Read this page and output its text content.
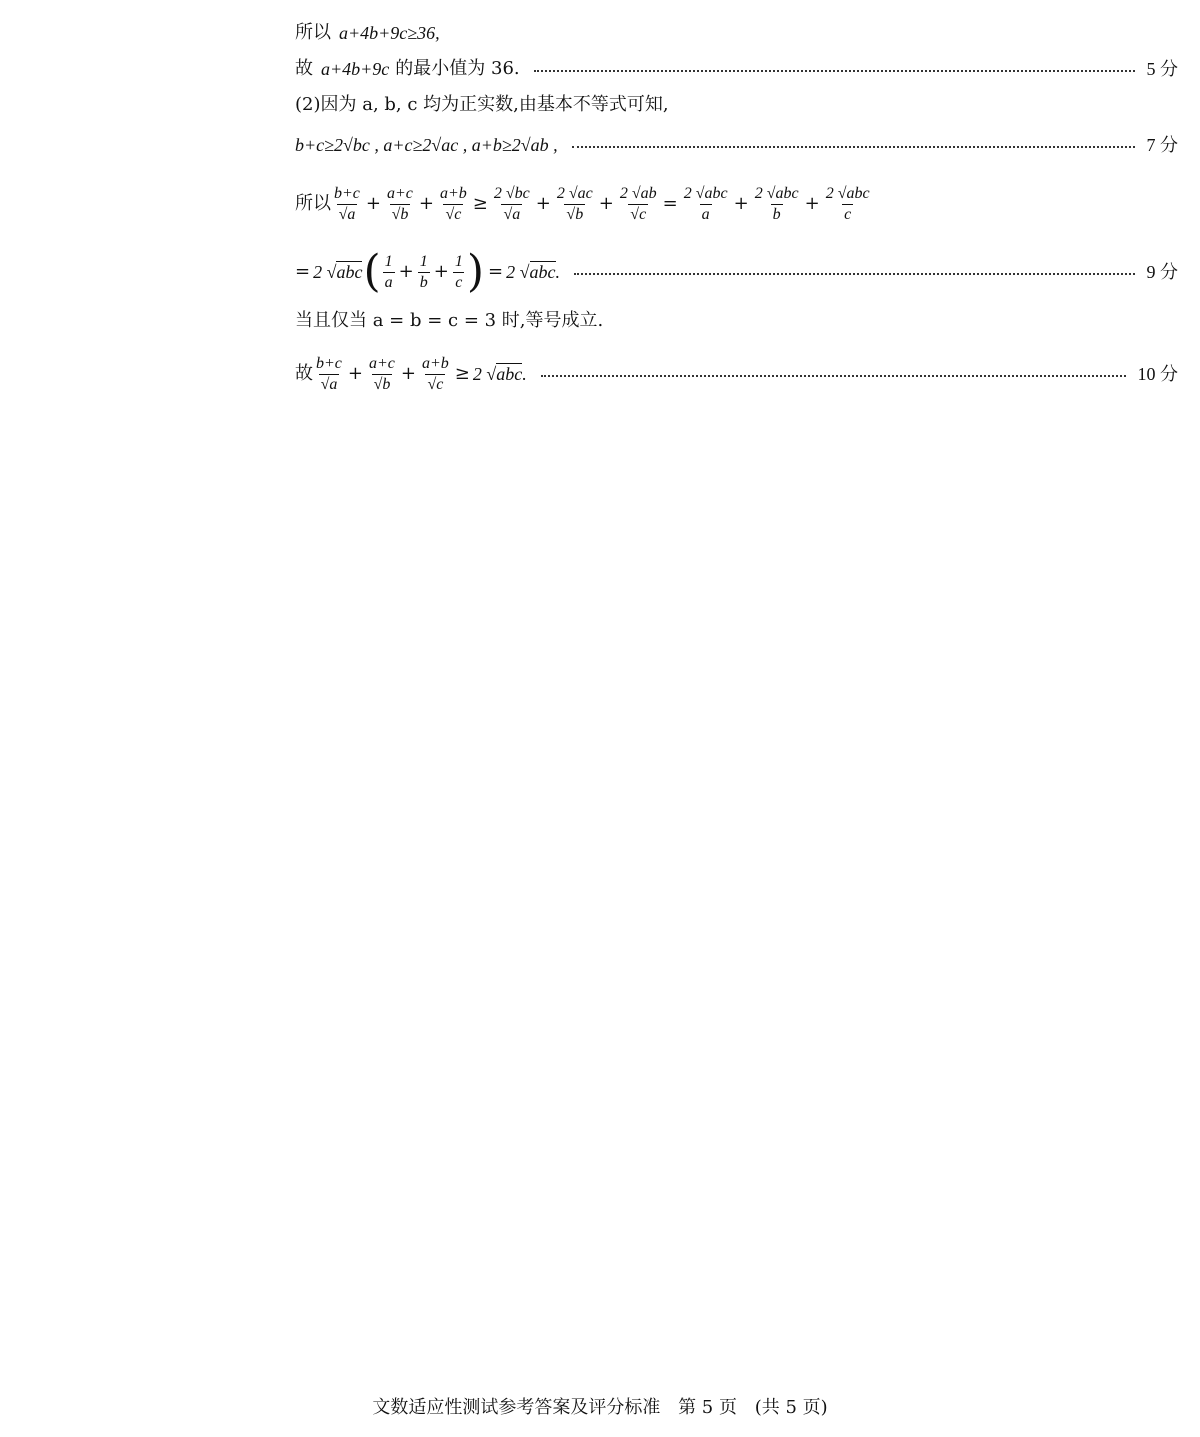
所以 a+4b+9c≥36,
故 a+4b+9c 的最小值为 36.	5 分
(2)因为 a, b, c 均为正实数,由基本不等式可知,
b+c≥2√bc , a+c≥2√ac , a+b≥2√ab ,	7 分
所以 $\frac{b+c}{√a} + \frac{a+c}{√b} + \frac{a+b}{√c} \ge \frac{2 √bc}{√a} + \frac{2 √ac}{√b} + \frac{2 √ab}{√c} = \frac{\text{2 √abc}}{a} + \frac{\text{2 √abc}}{b} + \frac{\text{2 √abc}}{c}$
= 2 √abc ( $\frac{1}{a} + \frac{1}{b} + \frac{1}{c}$ ) = 2 √abc.	9 分
当且仅当 a = b = c = 3 时,等号成立.
故 $\frac{b+c}{√a} + \frac{a+c}{√b} + \frac{a+b}{√c} \ge 2$ √abc.	10 分
文数适应性测试参考答案及评分标准 第 5 页 (共 5 页)
